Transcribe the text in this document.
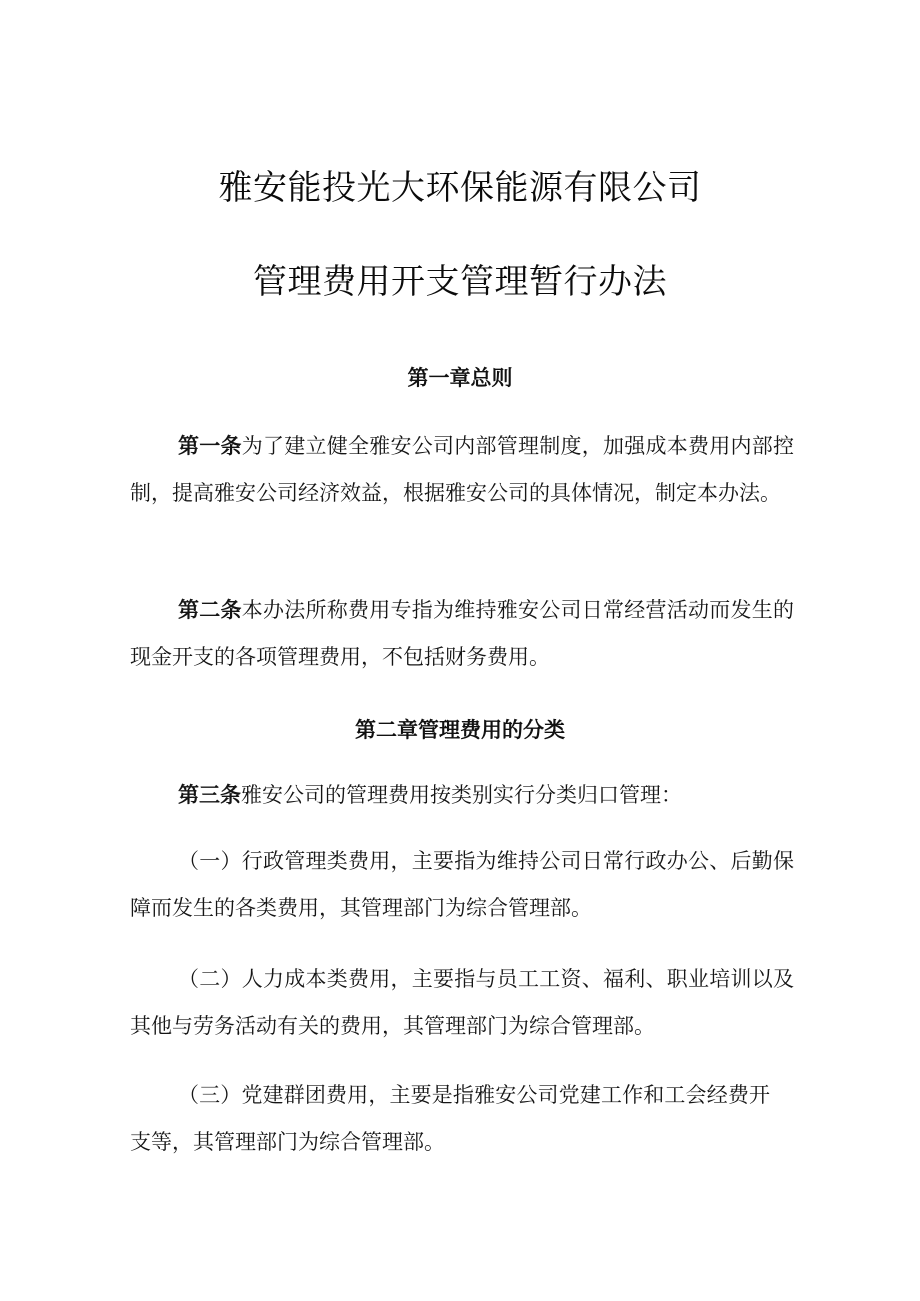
雅安能投光大环保能源有限公司
管理费用开支管理暂行办法
第一章总则

第一条为了建立健全雅安公司内部管理制度，加强成本费用内部控制，提高雅安公司经济效益，根据雅安公司的具体情况，制定本办法。

第二条本办法所称费用专指为维持雅安公司日常经营活动而发生的现金开支的各项管理费用，不包括财务费用。

第二章管理费用的分类

第三条雅安公司的管理费用按类别实行分类归口管理：

（一）行政管理类费用，主要指为维持公司日常行政办公、后勤保障而发生的各类费用，其管理部门为综合管理部。

（二）人力成本类费用，主要指与员工工资、福利、职业培训以及其他与劳务活动有关的费用，其管理部门为综合管理部。

（三）党建群团费用，主要是指雅安公司党建工作和工会经费开支等，其管理部门为综合管理部。
